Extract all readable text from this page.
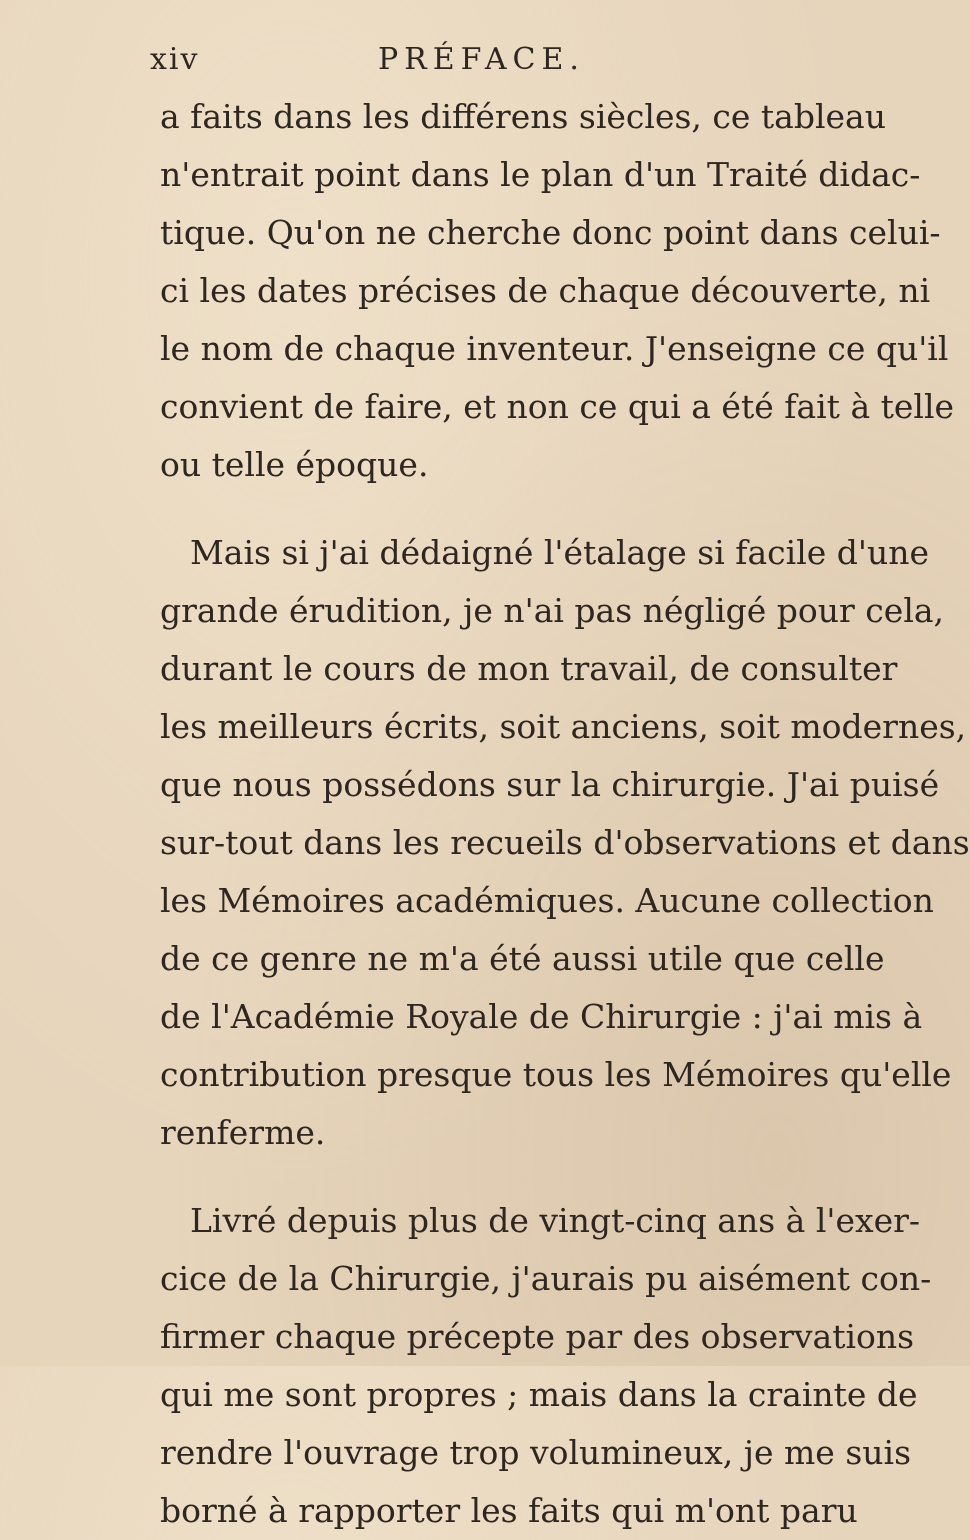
xiv	PRÉFACE.
a faits dans les différens siècles, ce tableau
n'entrait point dans le plan d'un Traité didac-
tique. Qu'on ne cherche donc point dans celui-
ci les dates précises de chaque découverte, ni
le nom de chaque inventeur. J'enseigne ce qu'il
convient de faire, et non ce qui a été fait à telle
ou telle époque.
Mais si j'ai dédaigné l'étalage si facile d'une
grande érudition, je n'ai pas négligé pour cela,
durant le cours de mon travail, de consulter
les meilleurs écrits, soit anciens, soit modernes,
que nous possédons sur la chirurgie. J'ai puisé
sur-tout dans les recueils d'observations et dans
les Mémoires académiques. Aucune collection
de ce genre ne m'a été aussi utile que celle
de l'Académie Royale de Chirurgie : j'ai mis à
contribution presque tous les Mémoires qu'elle
renferme.
Livré depuis plus de vingt-cinq ans à l'exer-
cice de la Chirurgie, j'aurais pu aisément con-
firmer chaque précepte par des observations
qui me sont propres ; mais dans la crainte de
rendre l'ouvrage trop volumineux, je me suis
borné à rapporter les faits qui m'ont paru
